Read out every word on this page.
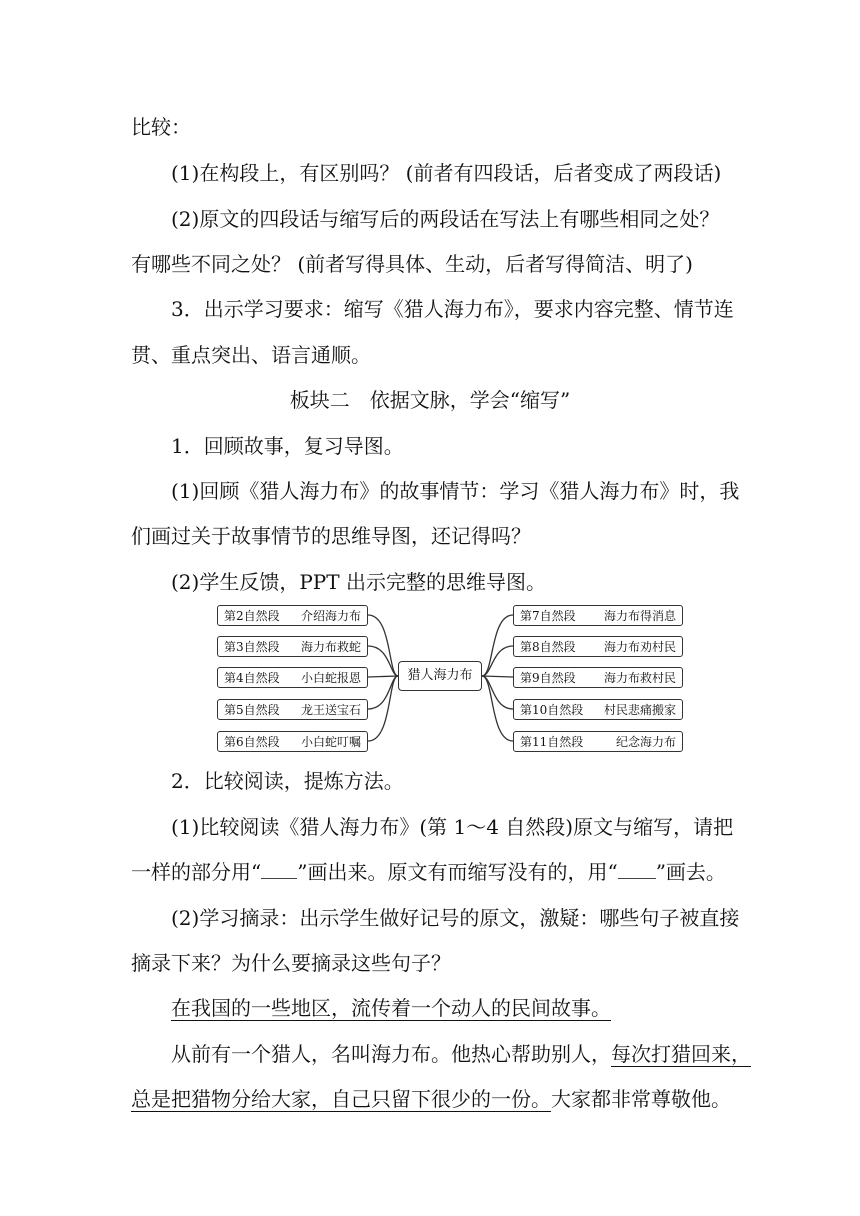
比较：
(1)在构段上，有区别吗？ (前者有四段话，后者变成了两段话)
(2)原文的四段话与缩写后的两段话在写法上有哪些相同之处？
有哪些不同之处？ (前者写得具体、生动，后者写得简洁、明了)
3．出示学习要求：缩写《猎人海力布》，要求内容完整、情节连
贯、重点突出、语言通顺。
板块二　依据文脉，学会“缩写”
1．回顾故事，复习导图。
(1)回顾《猎人海力布》的故事情节：学习《猎人海力布》时，我
们画过关于故事情节的思维导图，还记得吗？
(2)学生反馈，PPT 出示完整的思维导图。
第2自然段 介绍海力布
第3自然段 海力布救蛇
第4自然段 小白蛇报恩
第5自然段 龙王送宝石
第6自然段 小白蛇叮嘱
猎人海力布
第7自然段 海力布得消息
第8自然段 海力布劝村民
第9自然段 海力布救村民
第10自然段 村民悲痛搬家
第11自然段	纪念海力布
2．比较阅读，提炼方法。
(1)比较阅读《猎人海力布》(第 1～4 自然段)原文与缩写，请把
一样的部分用“ ”画出来。原文有而缩写没有的，用“ ”画去。
(2)学习摘录：出示学生做好记号的原文，激疑：哪些句子被直接
摘录下来？为什么要摘录这些句子？
在我国的一些地区，流传着一个动人的民间故事。
从前有一个猎人，名叫海力布。他热心帮助别人，每次打猎回来，
总是把猎物分给大家，自己只留下很少的一份。大家都非常尊敬他。
